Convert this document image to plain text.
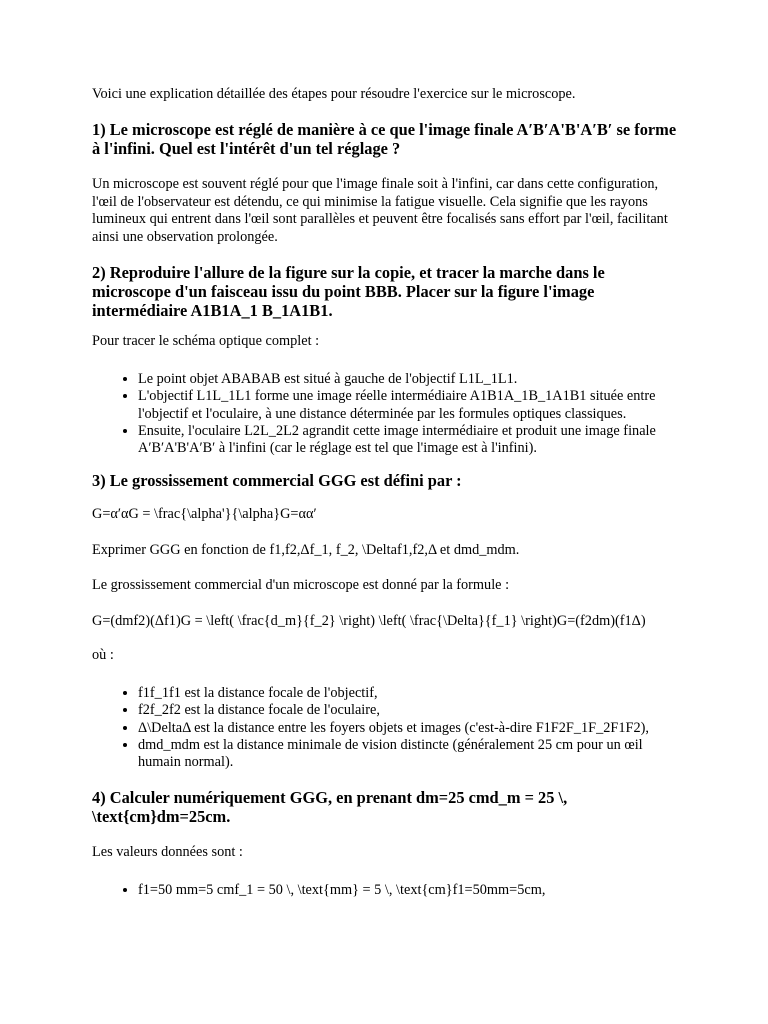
Voici une explication détaillée des étapes pour résoudre l'exercice sur le microscope.

1) Le microscope est réglé de manière à ce que l'image finale A′B′A'B'A′B′ se forme à l'infini. Quel est l'intérêt d'un tel réglage ?

Un microscope est souvent réglé pour que l'image finale soit à l'infini, car dans cette configuration, l'œil de l'observateur est détendu, ce qui minimise la fatigue visuelle. Cela signifie que les rayons lumineux qui entrent dans l'œil sont parallèles et peuvent être focalisés sans effort par l'œil, facilitant ainsi une observation prolongée.

2) Reproduire l'allure de la figure sur la copie, et tracer la marche dans le microscope d'un faisceau issu du point BBB. Placer sur la figure l'image intermédiaire A1B1A_1 B_1A1B1.

Pour tracer le schéma optique complet :

• Le point objet ABABAB est situé à gauche de l'objectif L1L_1L1.
• L'objectif L1L_1L1 forme une image réelle intermédiaire A1B1A_1B_1A1B1 située entre l'objectif et l'oculaire, à une distance déterminée par les formules optiques classiques.
• Ensuite, l'oculaire L2L_2L2 agrandit cette image intermédiaire et produit une image finale A′B′A'B'A′B′ à l'infini (car le réglage est tel que l'image est à l'infini).
3) Le grossissement commercial GGG est défini par :

G=α′αG = \frac{\alpha'}{\alpha}G=αα′

Exprimer GGG en fonction de f1,f2,Δf_1, f_2, \Deltaf1,f2,Δ et dmd_mdm.

Le grossissement commercial d'un microscope est donné par la formule :

G=(dmf2)(Δf1)G = \left( \frac{d_m}{f_2} \right) \left( \frac{\Delta}{f_1} \right)G=(f2dm)(f1Δ)

où :

• f1f_1f1 est la distance focale de l'objectif,
• f2f_2f2 est la distance focale de l'oculaire,
• Δ\DeltaΔ est la distance entre les foyers objets et images (c'est-à-dire F1F2F_1F_2F1F2),
• dmd_mdm est la distance minimale de vision distincte (généralement 25 cm pour un œil humain normal).
4) Calculer numériquement GGG, en prenant dm=25 cmd_m = 25 \, \text{cm}dm=25cm.

Les valeurs données sont :

• f1=50 mm=5 cmf_1 = 50 \, \text{mm} = 5 \, \text{cm}f1=50mm=5cm,
